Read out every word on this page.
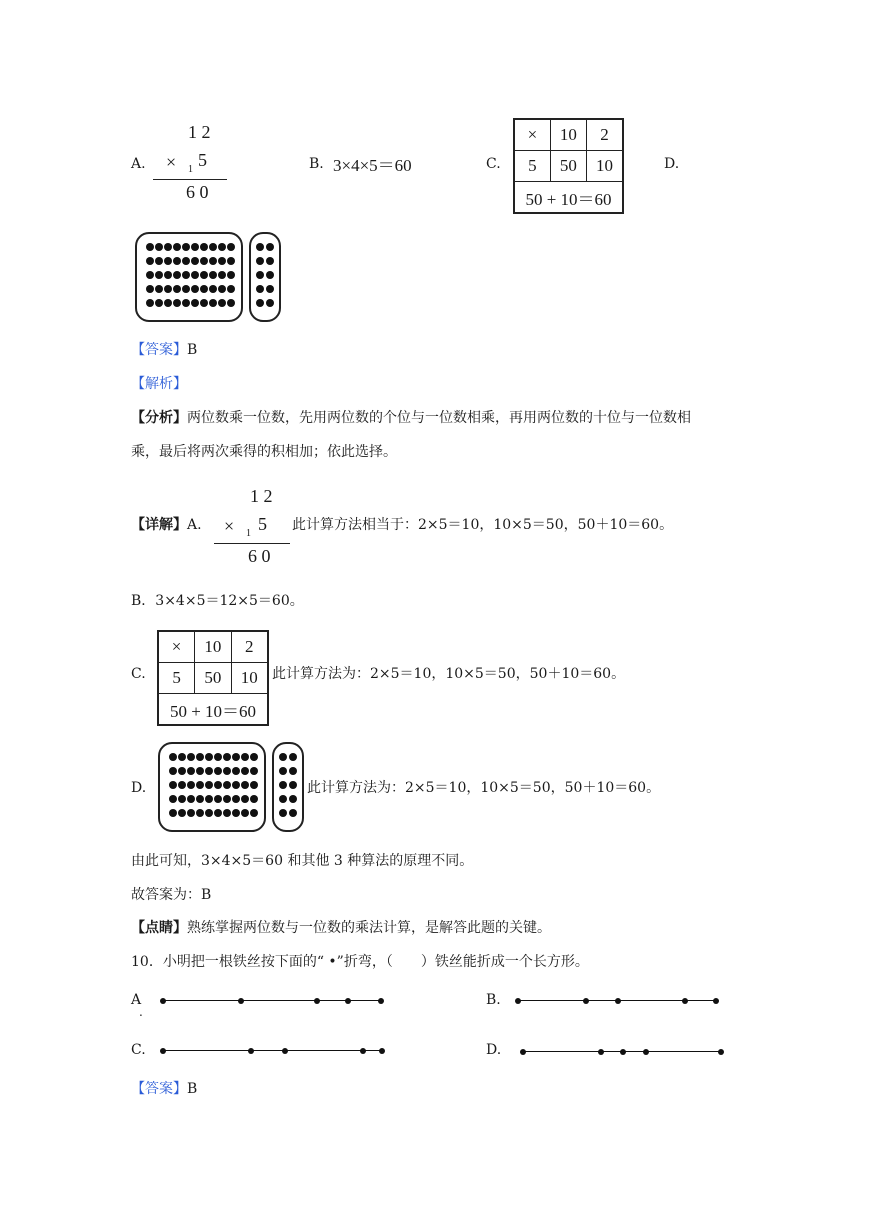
A.
1 2
× 1 5
6 0
B. 3×4×5＝60	C.
×	10	2
5	50	10
50 + 10＝60		
D.
【答案】B
【解析】
【分析】两位数乘一位数，先用两位数的个位与一位数相乘，再用两位数的十位与一位数相
乘，最后将两次乘得的积相加；依此选择。
【详解】A.
1 2
× 1 5
6 0
此计算方法相当于：2×5＝10，10×5＝50，50＋10＝60。
B．3×4×5＝12×5＝60。
C.
×	10	2
5	50	10
50 + 10＝60		
此计算方法为：2×5＝10，10×5＝50，50＋10＝60。
D.	此计算方法为：2×5＝10，10×5＝50，50＋10＝60。
由此可知，3×4×5＝60 和其他 3 种算法的原理不同。
故答案为：B
【点睛】熟练掌握两位数与一位数的乘法计算，是解答此题的关键。
10．小明把一根铁丝按下面的“ •”折弯，（　　）铁丝能折成一个长方形。
A
.
B.
C.	D.
【答案】B
